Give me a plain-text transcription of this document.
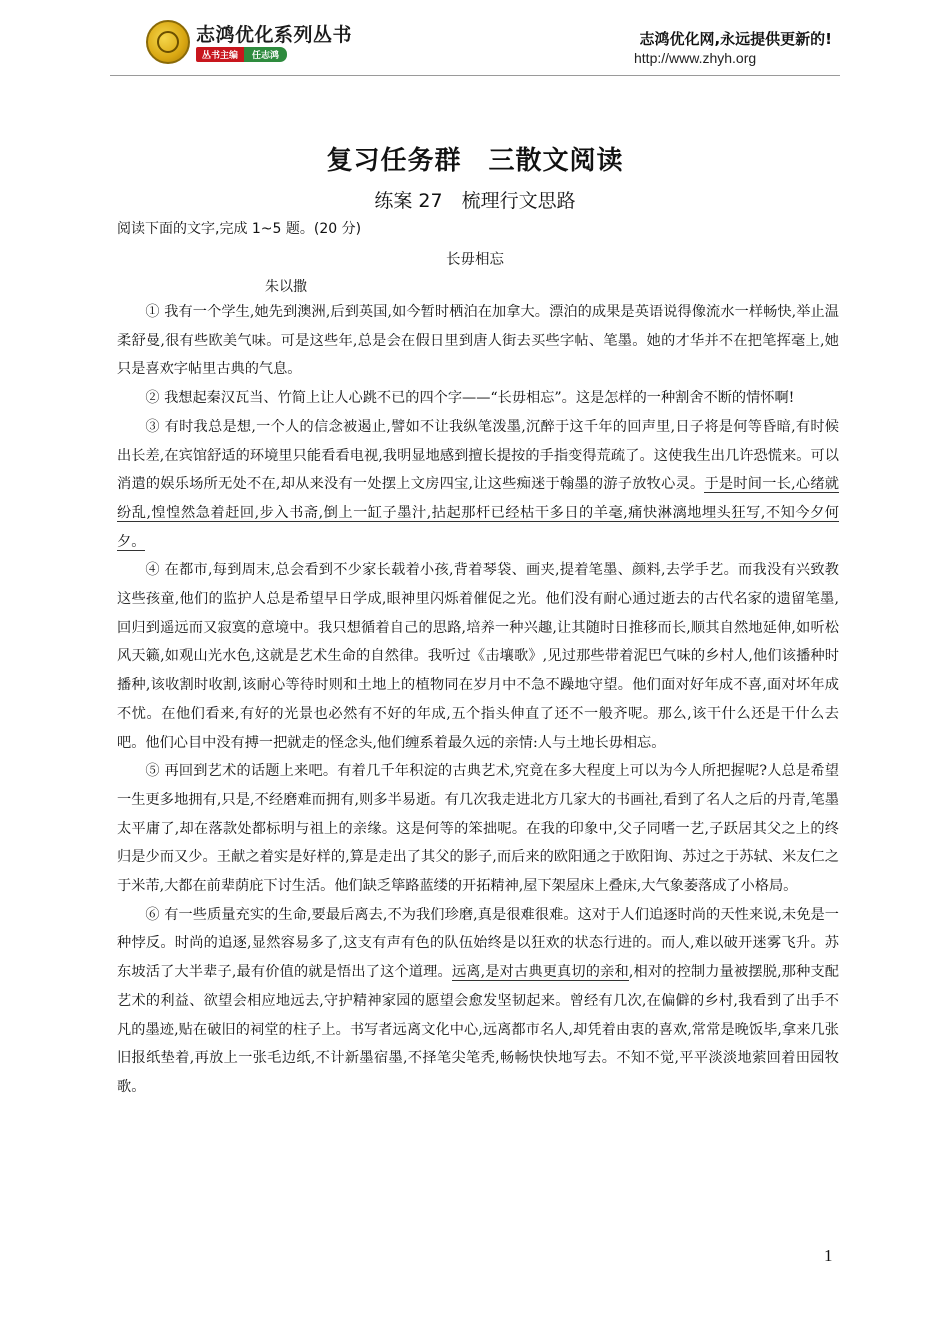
志鸿优化系列丛书
丛书主编	任志鸿
志鸿优化网,永远提供更新的!
http://www.zhyh.org
复习任务群　三散文阅读
练案 27　梳理行文思路
阅读下面的文字,完成 1~5 题。(20 分)
长毋相忘
朱以撒

① 我有一个学生,她先到澳洲,后到英国,如今暂时栖泊在加拿大。漂泊的成果是英语说得像流水一样畅快,举止温柔舒曼,很有些欧美气味。可是这些年,总是会在假日里到唐人街去买些字帖、笔墨。她的才华并不在把笔挥毫上,她只是喜欢字帖里古典的气息。

② 我想起秦汉瓦当、竹简上让人心跳不已的四个字——“长毋相忘”。这是怎样的一种割舍不断的情怀啊!

③ 有时我总是想,一个人的信念被遏止,譬如不让我纵笔泼墨,沉醉于这千年的回声里,日子将是何等昏暗,有时候出长差,在宾馆舒适的环境里只能看看电视,我明显地感到擅长提按的手指变得荒疏了。这使我生出几许恐慌来。可以消遣的娱乐场所无处不在,却从来没有一处摆上文房四宝,让这些痴迷于翰墨的游子放牧心灵。于是时间一长,心绪就纷乱,惶惶然急着赶回,步入书斋,倒上一缸子墨汁,拈起那杆已经枯干多日的羊毫,痛快淋漓地埋头狂写,不知今夕何夕。

④ 在都市,每到周末,总会看到不少家长载着小孩,背着琴袋、画夹,提着笔墨、颜料,去学手艺。而我没有兴致教这些孩童,他们的监护人总是希望早日学成,眼神里闪烁着催促之光。他们没有耐心通过逝去的古代名家的遗留笔墨,回归到遥远而又寂寞的意境中。我只想循着自己的思路,培养一种兴趣,让其随时日推移而长,顺其自然地延伸,如听松风天籁,如观山光水色,这就是艺术生命的自然律。我听过《击壤歌》,见过那些带着泥巴气味的乡村人,他们该播种时播种,该收割时收割,该耐心等待时则和土地上的植物同在岁月中不急不躁地守望。他们面对好年成不喜,面对坏年成不忧。在他们看来,有好的光景也必然有不好的年成,五个指头伸直了还不一般齐呢。那么,该干什么还是干什么去吧。他们心目中没有搏一把就走的怪念头,他们缠系着最久远的亲情:人与土地长毋相忘。

⑤ 再回到艺术的话题上来吧。有着几千年积淀的古典艺术,究竟在多大程度上可以为今人所把握呢?人总是希望一生更多地拥有,只是,不经磨难而拥有,则多半易逝。有几次我走进北方几家大的书画社,看到了名人之后的丹青,笔墨太平庸了,却在落款处都标明与祖上的亲缘。这是何等的笨拙呢。在我的印象中,父子同嗜一艺,子跃居其父之上的终归是少而又少。王献之着实是好样的,算是走出了其父的影子,而后来的欧阳通之于欧阳询、苏过之于苏轼、米友仁之于米芾,大都在前辈荫庇下讨生活。他们缺乏筚路蓝缕的开拓精神,屋下架屋床上叠床,大气象萎落成了小格局。

⑥ 有一些质量充实的生命,要最后离去,不为我们珍磨,真是很难很难。这对于人们追逐时尚的天性来说,未免是一种悖反。时尚的追逐,显然容易多了,这支有声有色的队伍始终是以狂欢的状态行进的。而人,难以破开迷雾飞升。苏东坡活了大半辈子,最有价值的就是悟出了这个道理。远离,是对古典更真切的亲和,相对的控制力量被摆脱,那种支配艺术的利益、欲望会相应地远去,守护精神家园的愿望会愈发坚韧起来。曾经有几次,在偏僻的乡村,我看到了出手不凡的墨迹,贴在破旧的祠堂的柱子上。书写者远离文化中心,远离都市名人,却凭着由衷的喜欢,常常是晚饭毕,拿来几张旧报纸垫着,再放上一张毛边纸,不计新墨宿墨,不择笔尖笔秃,畅畅快快地写去。不知不觉,平平淡淡地萦回着田园牧歌。

1
